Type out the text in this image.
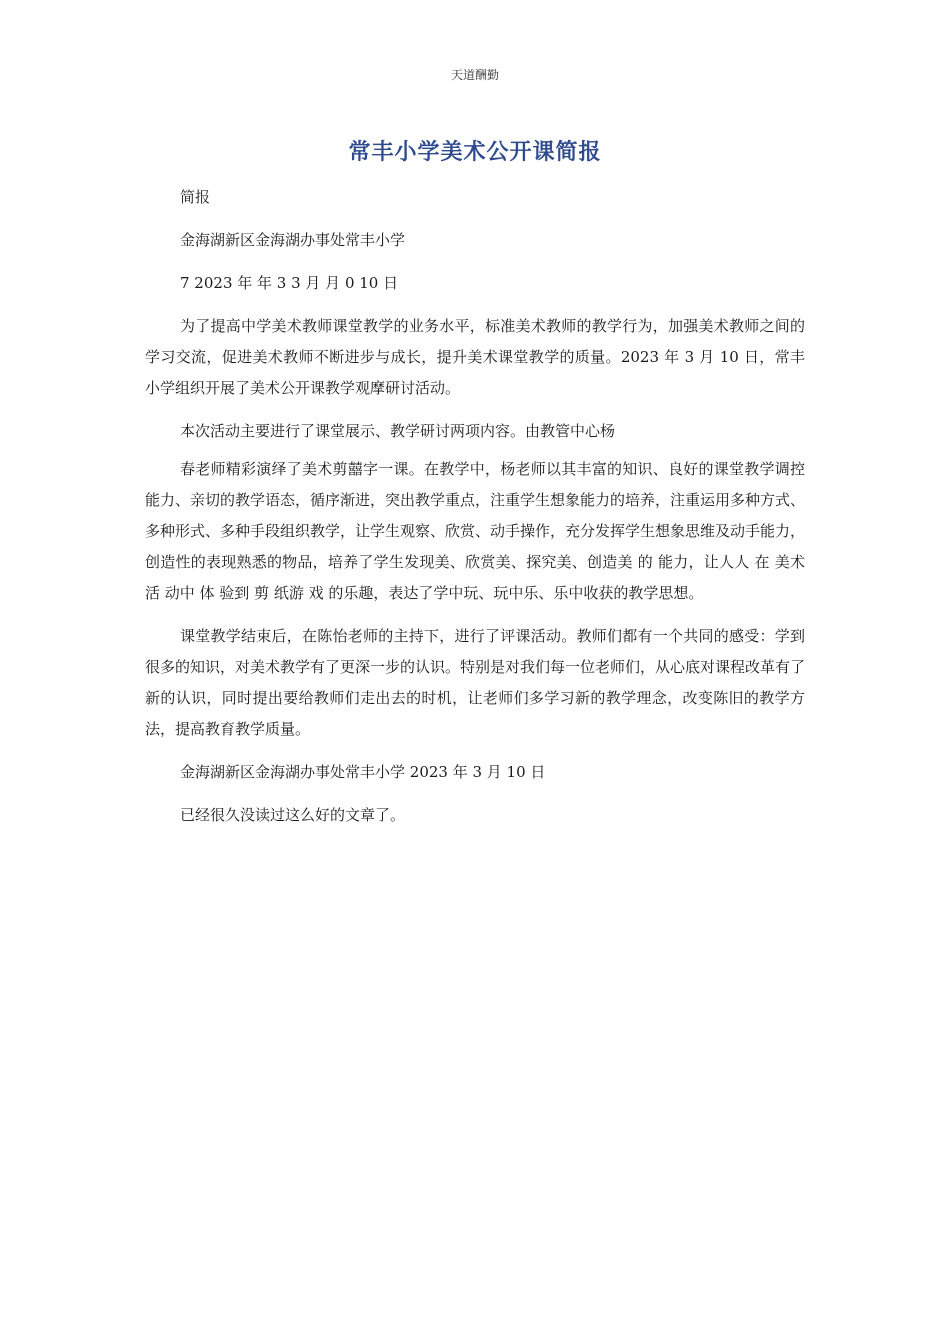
天道酬勤
常丰小学美术公开课简报

简报

金海湖新区金海湖办事处常丰小学

7 2023 年 年 3 3 月 月 0 10 日

为了提高中学美术教师课堂教学的业务水平，标准美术教师的教学行为，加强美术教师之间的学习交流，促进美术教师不断进步与成长，提升美术课堂教学的质量。2023 年 3 月 10 日，常丰小学组织开展了美术公开课教学观摩研讨活动。

本次活动主要进行了课堂展示、教学研讨两项内容。由教管中心杨

春老师精彩演绎了美术剪囍字一课。在教学中，杨老师以其丰富的知识、良好的课堂教学调控能力、亲切的教学语态，循序渐进，突出教学重点，注重学生想象能力的培养，注重运用多种方式、多种形式、多种手段组织教学，让学生观察、欣赏、动手操作，充分发挥学生想象思维及动手能力，创造性的表现熟悉的物品，培养了学生发现美、欣赏美、探究美、创造美 的 能力，让人人 在 美术 活 动中 体 验到 剪 纸游 戏 的乐趣，表达了学中玩、玩中乐、乐中收获的教学思想。

课堂教学结束后，在陈怡老师的主持下，进行了评课活动。教师们都有一个共同的感受：学到很多的知识，对美术教学有了更深一步的认识。特别是对我们每一位老师们，从心底对课程改革有了新的认识，同时提出要给教师们走出去的时机，让老师们多学习新的教学理念，改变陈旧的教学方法，提高教育教学质量。

金海湖新区金海湖办事处常丰小学 2023 年 3 月 10 日

已经很久没读过这么好的文章了。
